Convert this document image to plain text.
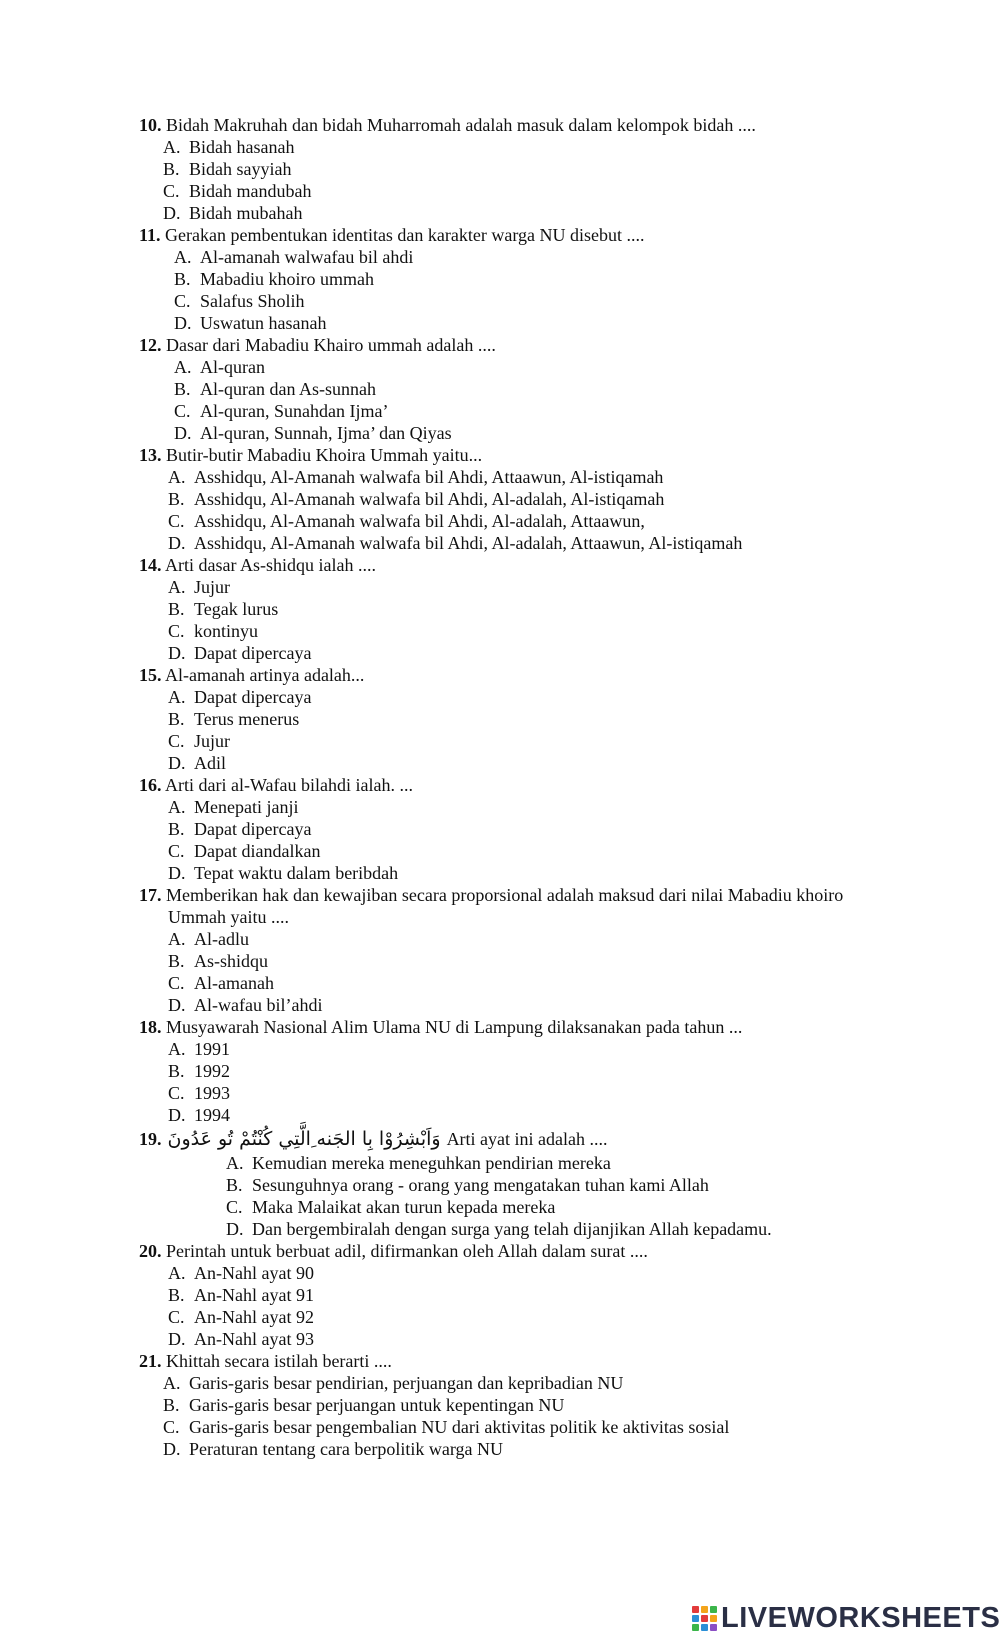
10. Bidah Makruhah dan bidah Muharromah adalah masuk dalam kelompok bidah ....
A. Bidah hasanah
B. Bidah sayyiah
C. Bidah mandubah
D. Bidah mubahah
11. Gerakan pembentukan identitas dan karakter warga NU disebut ....
A. Al-amanah walwafau bil ahdi
B. Mabadiu khoiro ummah
C. Salafus Sholih
D. Uswatun hasanah
12. Dasar dari Mabadiu Khairo ummah adalah ....
A. Al-quran
B. Al-quran dan As-sunnah
C. Al-quran, Sunahdan Ijma’
D. Al-quran, Sunnah, Ijma’ dan Qiyas
13. Butir-butir Mabadiu Khoira Ummah yaitu...
A. Asshidqu, Al-Amanah walwafa bil Ahdi, Attaawun, Al-istiqamah
B. Asshidqu, Al-Amanah walwafa bil Ahdi, Al-adalah, Al-istiqamah
C. Asshidqu, Al-Amanah walwafa bil Ahdi, Al-adalah, Attaawun,
D. Asshidqu, Al-Amanah walwafa bil Ahdi, Al-adalah, Attaawun, Al-istiqamah
14. Arti dasar As-shidqu ialah ....
A. Jujur
B. Tegak lurus
C. kontinyu
D. Dapat dipercaya
15. Al-amanah artinya adalah...
A. Dapat dipercaya
B. Terus menerus
C. Jujur
D. Adil
16. Arti dari al-Wafau bilahdi ialah. ...
A. Menepati janji
B. Dapat dipercaya
C. Dapat diandalkan
D. Tepat waktu dalam beribdah
17. Memberikan hak dan kewajiban secara proporsional adalah maksud dari nilai Mabadiu khoiro
Ummah yaitu ....
A. Al-adlu
B. As-shidqu
C. Al-amanah
D. Al-wafau bil’ahdi
18. Musyawarah Nasional Alim Ulama NU di Lampung dilaksanakan pada tahun ...
A. 1991
B. 1992
C. 1993
D. 1994
19. وَاَبْشِرُوْا بِا الجَنه ِالَّتِي كُنْتُمْ تُو عَدُونَ Arti ayat ini adalah ....
A. Kemudian mereka meneguhkan pendirian mereka
B. Sesunguhnya orang - orang yang mengatakan tuhan kami Allah
C. Maka Malaikat akan turun kepada mereka
D. Dan bergembiralah dengan surga yang telah dijanjikan Allah kepadamu.
20. Perintah untuk berbuat adil, difirmankan oleh Allah dalam surat ....
A. An-Nahl ayat 90
B. An-Nahl ayat 91
C. An-Nahl ayat 92
D. An-Nahl ayat 93
21. Khittah secara istilah berarti ....
A. Garis-garis besar pendirian, perjuangan dan kepribadian NU
B. Garis-garis besar perjuangan untuk kepentingan NU
C. Garis-garis besar pengembalian NU dari aktivitas politik ke aktivitas sosial
D. Peraturan tentang cara berpolitik warga NU
LIVEWORKSHEETS
